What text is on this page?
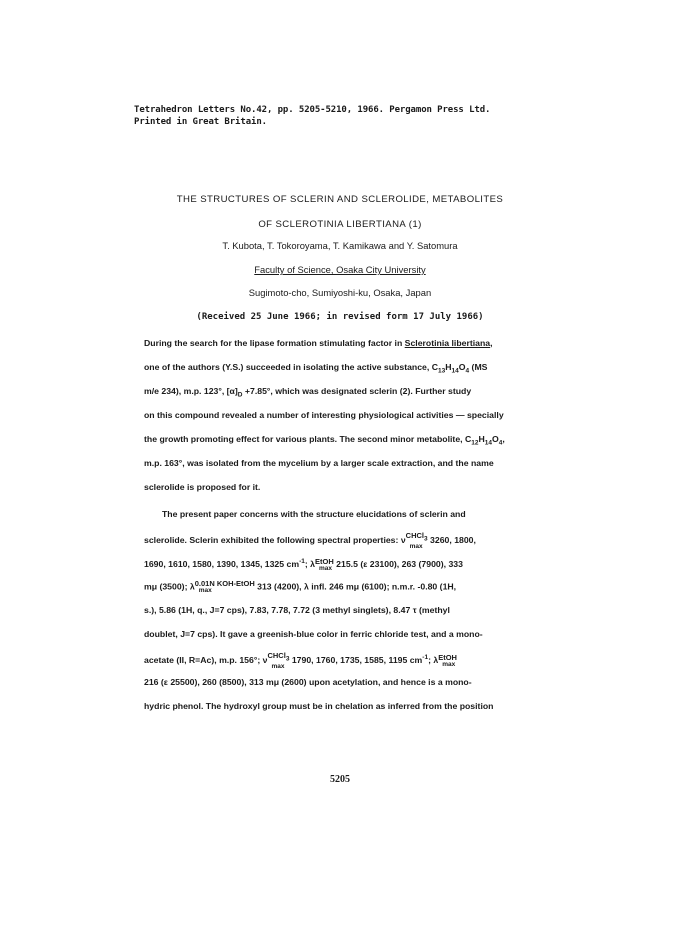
Tetrahedron Letters No.42, pp. 5205-5210, 1966. Pergamon Press Ltd.
Printed in Great Britain.
THE STRUCTURES OF SCLERIN AND SCLEROLIDE, METABOLITES
OF SCLEROTINIA LIBERTIANA (1)
T. Kubota, T. Tokoroyama, T. Kamikawa and Y. Satomura
Faculty of Science, Osaka City University
Sugimoto-cho, Sumiyoshi-ku, Osaka, Japan
(Received 25 June 1966; in revised form 17 July 1966)
During the search for the lipase formation stimulating factor in Sclerotinia libertiana,
one of the authors (Y.S.) succeeded in isolating the active substance, $C_{13}H_{14}O_4$ (MS
m/e 234), m.p. 123°, $[\alpha]_D +7.85^\circ$, which was designated sclerin (2). Further study
on this compound revealed a number of interesting physiological activities — specially
the growth promoting effect for various plants. The second minor metabolite, $C_{12}H_{14}O_4$,
m.p. 163°, was isolated from the mycelium by a larger scale extraction, and the name
sclerolide is proposed for it.
The present paper concerns with the structure elucidations of sclerin and
sclerolide. Sclerin exhibited the following spectral properties: ν CHCl$_3$
max
3260, 1800,
1690, 1610, 1580, 1390, 1345, 1325 $cm^{-1}$; λ EtOH
max 215.5 (ε 23100), 263 (7900), 333
mμ (3500); λ 0.01N KOH-EtOH
max	313 (4200), λ infl. 246 mμ (6100); n.m.r. -0.80 (1H,
s.), 5.86 (1H, q., J=7 cps), 7.83, 7.78, 7.72 (3 methyl singlets), 8.47 τ (methyl
doublet, J=7 cps). It gave a greenish-blue color in ferric chloride test, and a mono-
acetate (II, R=Ac), m.p. 156°; ν CHCl$_3$
max
1790, 1760, 1735, 1585, 1195 $cm^{-1}$; λ EtOH
max
216 (ε 25500), 260 (8500), 313 mμ (2600) upon acetylation, and hence is a mono-
hydric phenol. The hydroxyl group must be in chelation as inferred from the position
5205
